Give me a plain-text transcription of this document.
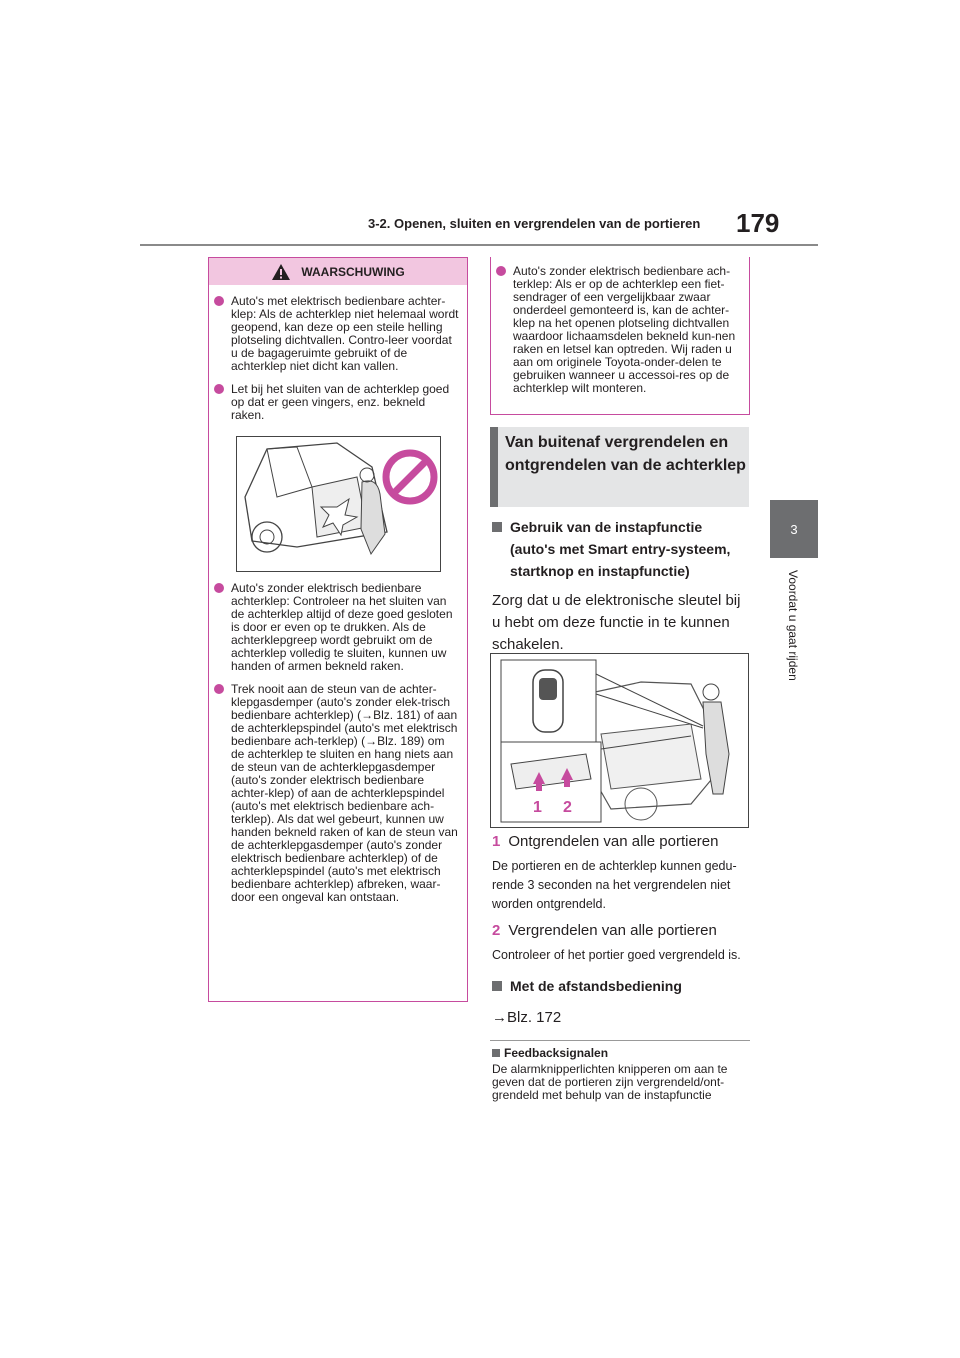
3-2. Openen, sluiten en vergrendelen van de portieren 179
3
Voordat u gaat rijden
WAARSCHUWING
Auto's met elektrisch bedienbare achter-klep: Als de achterklep niet helemaal wordt geopend, kan deze op een steile helling plotseling dichtvallen. Contro-leer voordat u de bagageruimte gebruikt of de achterklep niet dicht kan vallen.
Let bij het sluiten van de achterklep goed op dat er geen vingers, enz. bekneld raken.
Auto's zonder elektrisch bedienbare achterklep: Controleer na het sluiten van de achterklep altijd of deze goed gesloten is door er even op te drukken. Als de achterklepgreep wordt gebruikt om de achterklep volledig te sluiten, kunnen uw handen of armen bekneld raken.
Trek nooit aan de steun van de achter-klepgasdemper (auto's zonder elek-trisch bedienbare achterklep) (→Blz. 181) of aan de achterklepspindel (auto's met elektrisch bedienbare ach-terklep) (→Blz. 189) om de achterklep te sluiten en hang niets aan de steun van de achterklepgasdemper (auto's zonder elektrisch bedienbare achter-klep) of aan de achterklepspindel (auto's met elektrisch bedienbare ach-terklep). Als dat wel gebeurt, kunnen uw handen bekneld raken of kan de steun van de achterklepgasdemper (auto's zonder elektrisch bedienbare achterklep) of de achterklepspindel (auto's met elektrisch bedienbare achterklep) afbreken, waar-door een ongeval kan ontstaan.
Auto's zonder elektrisch bedienbare ach-terklep: Als er op de achterklep een fiet-sendrager of een vergelijkbaar zwaar onderdeel gemonteerd is, kan de achter-klep na het openen plotseling dichtvallen waardoor lichaamsdelen bekneld kun-nen raken en letsel kan optreden. Wij raden u aan om originele Toyota-onder-delen te gebruiken wanneer u accessoi-res op de achterklep wilt monteren.
Van buitenaf vergrendelen en ontgrendelen van de achterklep
Gebruik van de instapfunctie (auto's met Smart entry-systeem, startknop en instapfunctie)
Zorg dat u de elektronische sleutel bij u hebt om deze functie in te kunnen schakelen.
1 2
1 Ontgrendelen van alle portieren
De portieren en de achterklep kunnen gedu-rende 3 seconden na het vergrendelen niet worden ontgrendeld.
2 Vergrendelen van alle portieren
Controleer of het portier goed vergrendeld is.
Met de afstandsbediening
→Blz. 172
Feedbacksignalen
De alarmknipperlichten knipperen om aan te geven dat de portieren zijn vergrendeld/ont-grendeld met behulp van de instapfunctie
